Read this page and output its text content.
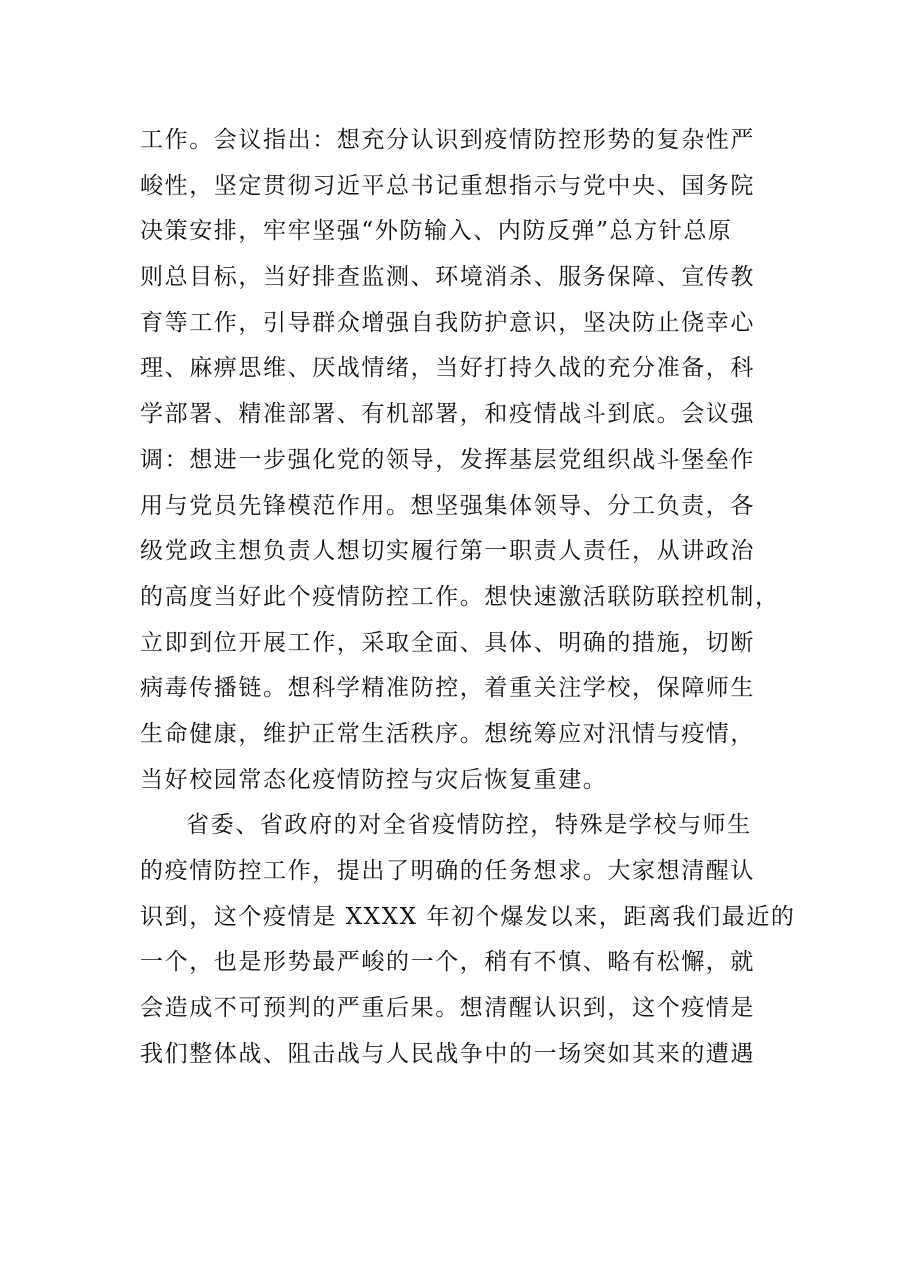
工作。会议指出：想充分认识到疫情防控形势的复杂性严
峻性，坚定贯彻习近平总书记重想指示与党中央、国务院
决策安排，牢牢坚强“外防输入、内防反弹”总方针总原
则总目标，当好排查监测、环境消杀、服务保障、宣传教
育等工作，引导群众增强自我防护意识，坚决防止侥幸心
理、麻痹思维、厌战情绪，当好打持久战的充分准备，科
学部署、精准部署、有机部署，和疫情战斗到底。会议强
调：想进一步强化党的领导，发挥基层党组织战斗堡垒作
用与党员先锋模范作用。想坚强集体领导、分工负责，各
级党政主想负责人想切实履行第一职责人责任，从讲政治
的高度当好此个疫情防控工作。想快速激活联防联控机制，
立即到位开展工作，采取全面、具体、明确的措施，切断
病毒传播链。想科学精准防控，着重关注学校，保障师生
生命健康，维护正常生活秩序。想统筹应对汛情与疫情，
当好校园常态化疫情防控与灾后恢复重建。
省委、省政府的对全省疫情防控，特殊是学校与师生
的疫情防控工作，提出了明确的任务想求。大家想清醒认
识到，这个疫情是 XXXX 年初个爆发以来，距离我们最近的
一个，也是形势最严峻的一个，稍有不慎、略有松懈，就
会造成不可预判的严重后果。想清醒认识到，这个疫情是
我们整体战、阻击战与人民战争中的一场突如其来的遭遇
